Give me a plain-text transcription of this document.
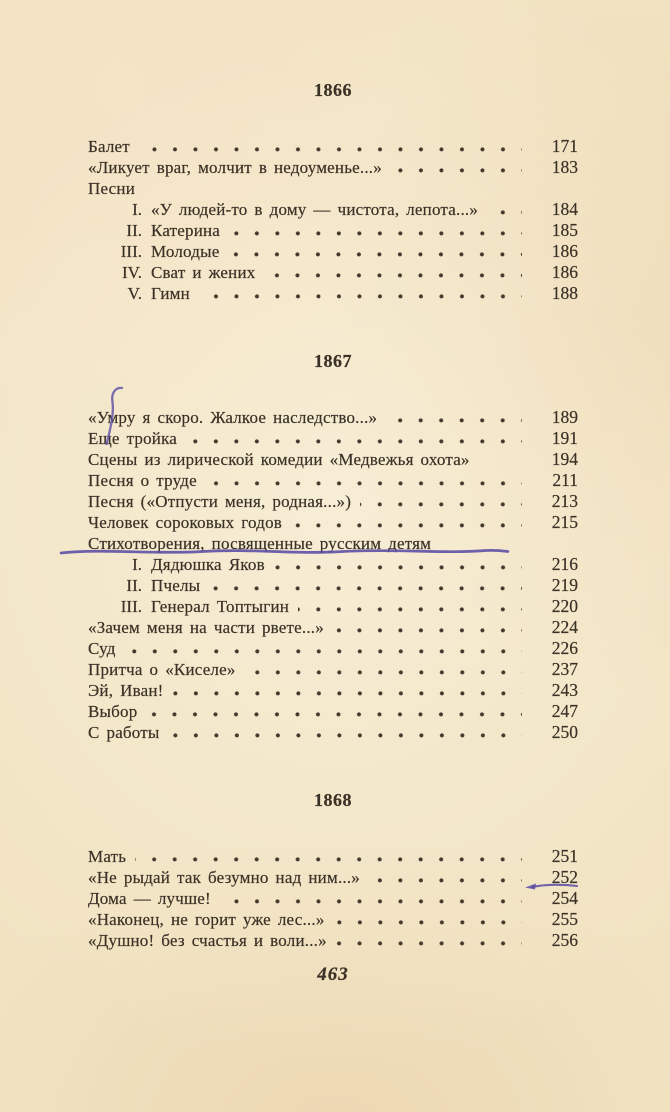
1866
Балет	171
«Ликует враг, молчит в недоуменье...»	183
Песни
I. «У людей-то в дому — чистота, лепота...»	184
II. Катерина	185
III. Молодые	186
IV. Сват и жених	186
V. Гимн	188
1867
«Умру я скоро. Жалкое наследство...»	189
Еще тройка	191
Сцены из лирической комедии «Медвежья охота»	194
Песня о труде	211
Песня («Отпусти меня, родная...»)	213
Человек сороковых годов	215
Стихотворения, посвященные русским детям
I. Дядюшка Яков	216
II. Пчелы	219
III. Генерал Топтыгин	220
«Зачем меня на части рвете...»	224
Суд	226
Притча о «Киселе»	237
Эй, Иван!	243
Выбор	247
С работы	250
1868
Мать	251
«Не рыдай так безумно над ним...»	252
Дома — лучше!	254
«Наконец, не горит уже лес...»	255
«Душно! без счастья и воли...»	256
463
